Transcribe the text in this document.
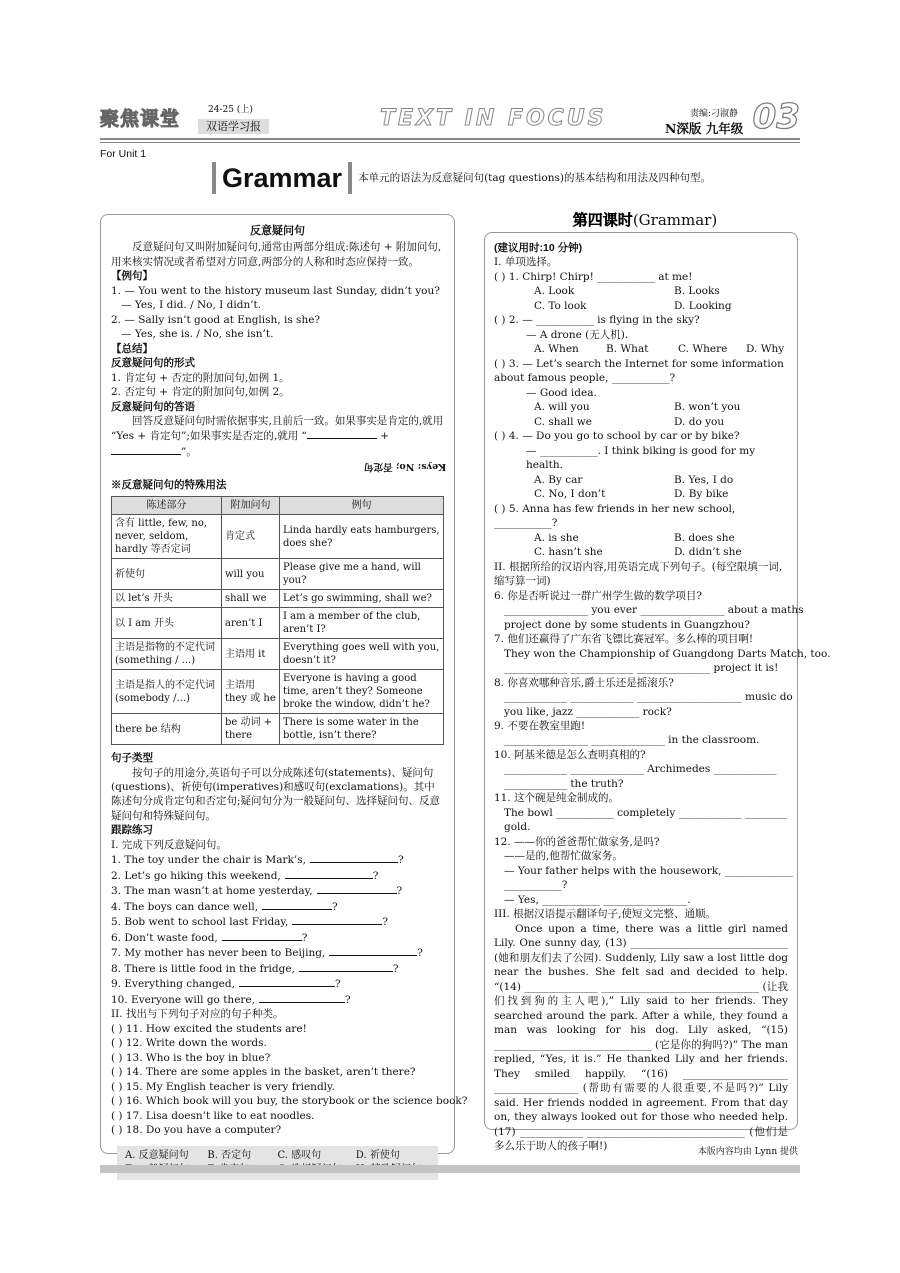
聚焦课堂	24-25 (上)
双语学习报	TEXT IN FOCUS	责编:刁淑静
N深版 九年级 03
For Unit 1
Grammar	本单元的语法为反意疑问句(tag questions)的基本结构和用法及四种句型。
反意疑问句
反意疑问句又叫附加疑问句,通常由两部分组成:陈述句 + 附加问句,用来核实情况或者希望对方同意,两部分的人称和时态应保持一致。
【例句】
1. — You went to the history museum last Sunday, didn’t you?
— Yes, I did. / No, I didn’t.
2. — Sally isn’t good at English, is she?
— Yes, she is. / No, she isn’t.
【总结】
反意疑问句的形式
1. 肯定句 + 否定的附加问句,如例 1。
2. 否定句 + 肯定的附加问句,如例 2。
反意疑问句的答语
回答反意疑问句时需依据事实,且前后一致。如果事实是肯定的,就用 “Yes + 肯定句”;如果事实是否定的,就用 “	+ ”。
Keys: No; 否定句
※反意疑问句的特殊用法
陈述部分	附加问句	例句
含有 little, few, no, never, seldom, hardly 等否定词	肯定式	Linda hardly eats hamburgers, does she?
祈使句	will you	Please give me a hand, will you?
以 let’s 开头	shall we	Let’s go swimming, shall we?
以 I am 开头	aren’t I	I am a member of the club, aren’t I?
主语是指物的不定代词(something / ...)	主语用 it	Everything goes well with you, doesn’t it?
主语是指人的不定代词(somebody /...)	主语用 they 或 he	Everyone is having a good time, aren’t they? Someone broke the window, didn’t he?
there be 结构	be 动词 + there	There is some water in the bottle, isn’t there?
句子类型
按句子的用途分,英语句子可以分成陈述句(statements)、疑问句(questions)、祈使句(imperatives)和感叹句(exclamations)。其中陈述句分成肯定句和否定句;疑问句分为一般疑问句、选择疑问句、反意疑问句和特殊疑问句。
跟踪练习
I. 完成下列反意疑问句。
1. The toy under the chair is Mark’s,	?
2. Let’s go hiking this weekend,	?
3. The man wasn’t at home yesterday,	?
4. The boys can dance well,	?
5. Bob went to school last Friday,	?
6. Don’t waste food,	?
7. My mother has never been to Beijing,	?
8. There is little food in the fridge,	?
9. Everything changed,	?
10. Everyone will go there,	?
II. 找出与下列句子对应的句子种类。
( ) 11. How excited the students are!
( ) 12. Write down the words.
( ) 13. Who is the boy in blue?
( ) 14. There are some apples in the basket, aren’t there?
( ) 15. My English teacher is very friendly.
( ) 16. Which book will you buy, the storybook or the science book?
( ) 17. Lisa doesn’t like to eat noodles.
( ) 18. Do you have a computer?
A. 反意疑问句	B. 否定句	C. 感叹句	D. 祈使句
第四课时(Grammar)
(建议用时:10 分钟)
I. 单项选择。
( ) 1. Chirp! Chirp! ___________ at me!
A. Look	B. Looks
C. To look	D. Looking
( ) 2. — ___________ is flying in the sky?
— A drone (无人机).
A. When	B. What	C. Where	D. Why
( ) 3. — Let’s search the Internet for some information about famous people, ___________?
— Good idea.
A. will you	B. won’t you
C. shall we	D. do you
( ) 4. — Do you go to school by car or by bike?
— ___________. I think biking is good for my health.
A. By car	B. Yes, I do
C. No, I don’t	D. By bike
( ) 5. Anna has few friends in her new school, ___________?
A. is she	B. does she
C. hasn’t she	D. didn’t she
II. 根据所给的汉语内容,用英语完成下列句子。(每空限填一词,缩写算一词)
6. 你是否听说过一群广州学生做的数学项目?
________________ you ever ________________ about a maths
project done by some students in Guangzhou?
7. 他们还赢得了广东省飞镖比赛冠军。多么棒的项目啊!
They won the Championship of Guangdong Darts Match, too.
____________ ____________ ______________ project it is!
8. 你喜欢哪种音乐,爵士乐还是摇滚乐?
____________ ____________ ____________________ music do
you like, jazz ____________ rock?
9. 不要在教室里跑!
________________ ______________ in the classroom.
10. 阿基米德是怎么查明真相的?
____________ ______________ Archimedes ____________
____________ the truth?
11. 这个碗是纯金制成的。
The bowl ___________ completely ____________ ________
gold.
12. ——你的爸爸帮忙做家务,是吗?
——是的,他帮忙做家务。
— Your father helps with the housework, _____________
___________?
— Yes, ___________ ________________.
III. 根据汉语提示翻译句子,使短文完整、通顺。
Once upon a time, there was a little girl named Lily. One sunny day, (13) ______________________________ (她和朋友们去了公园). Suddenly, Lily saw a lost little dog near the bushes. She felt sad and decided to help. “(14) ______________ ______________________________ (让我们找到狗的主人吧),” Lily said to her friends. They searched around the park. After a while, they found a man was looking for his dog. Lily asked, “(15) ______________________________ (它是你的狗吗?)” The man replied, “Yes, it is.” He thanked Lily and her friends. They smiled happily. “(16) ____________________ ________________ (帮助有需要的人很重要,不是吗?)” Lily said. Her friends nodded in agreement. From that day on, they always looked out for those who needed help. (17) ____________ ______________________________ (他们是多么乐于助人的孩子啊!)	本版内容均由 Lynn 提供
